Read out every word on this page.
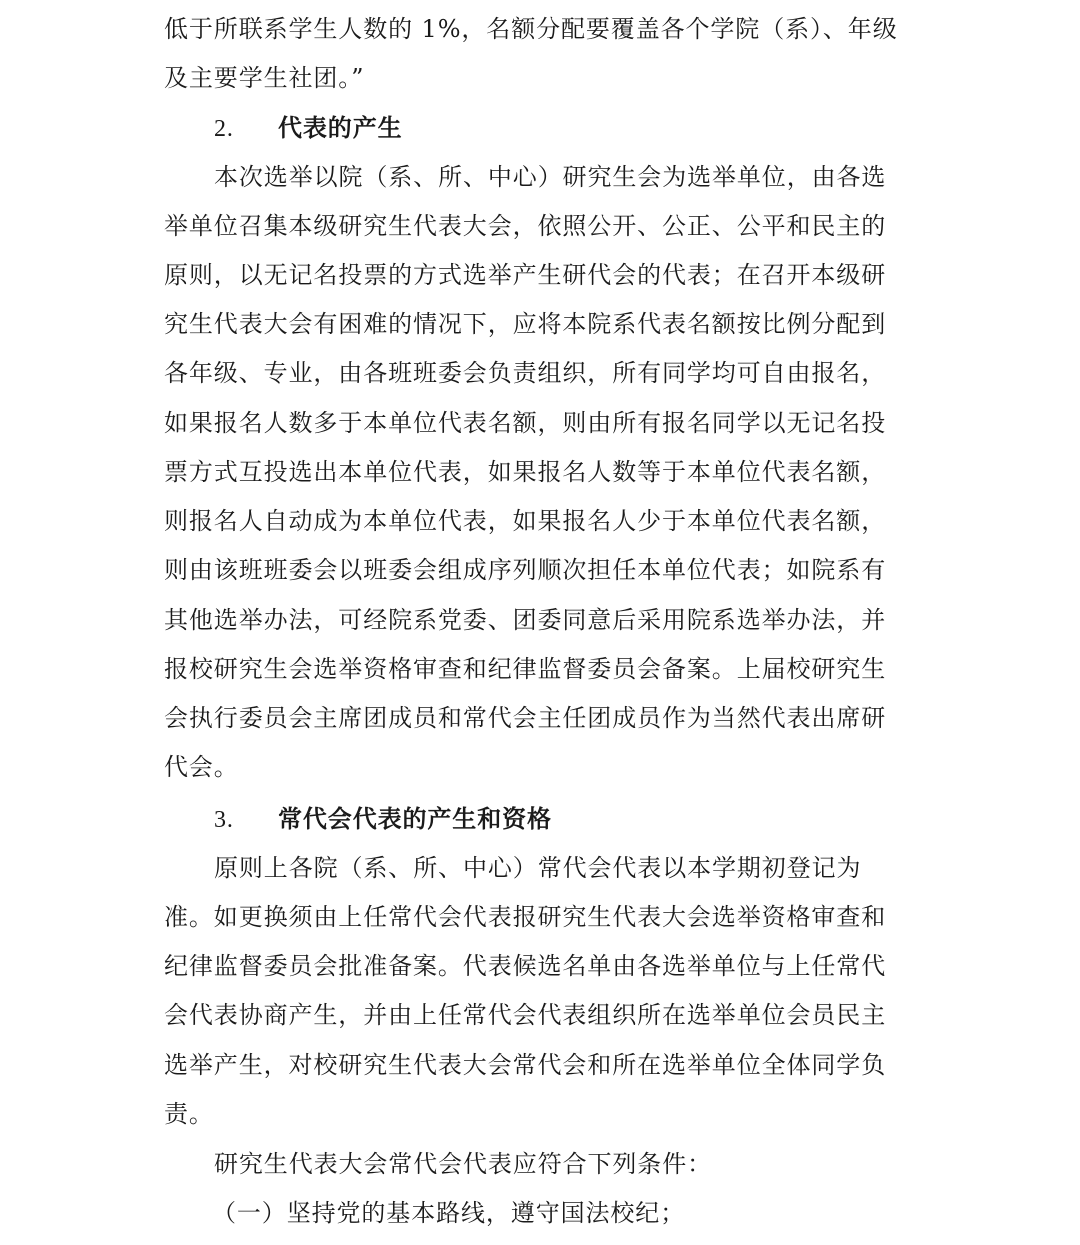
低于所联系学生人数的 1%，名额分配要覆盖各个学院（系）、年级
及主要学生社团。”
2. 代表的产生
本次选举以院（系、所、中心）研究生会为选举单位，由各选
举单位召集本级研究生代表大会，依照公开、公正、公平和民主的
原则，以无记名投票的方式选举产生研代会的代表；在召开本级研
究生代表大会有困难的情况下，应将本院系代表名额按比例分配到
各年级、专业，由各班班委会负责组织，所有同学均可自由报名，
如果报名人数多于本单位代表名额，则由所有报名同学以无记名投
票方式互投选出本单位代表，如果报名人数等于本单位代表名额，
则报名人自动成为本单位代表，如果报名人少于本单位代表名额，
则由该班班委会以班委会组成序列顺次担任本单位代表；如院系有
其他选举办法，可经院系党委、团委同意后采用院系选举办法，并
报校研究生会选举资格审查和纪律监督委员会备案。上届校研究生
会执行委员会主席团成员和常代会主任团成员作为当然代表出席研
代会。
3. 常代会代表的产生和资格
原则上各院（系、所、中心）常代会代表以本学期初登记为
准。如更换须由上任常代会代表报研究生代表大会选举资格审查和
纪律监督委员会批准备案。代表候选名单由各选举单位与上任常代
会代表协商产生，并由上任常代会代表组织所在选举单位会员民主
选举产生，对校研究生代表大会常代会和所在选举单位全体同学负
责。
研究生代表大会常代会代表应符合下列条件：
（一）坚持党的基本路线，遵守国法校纪；
